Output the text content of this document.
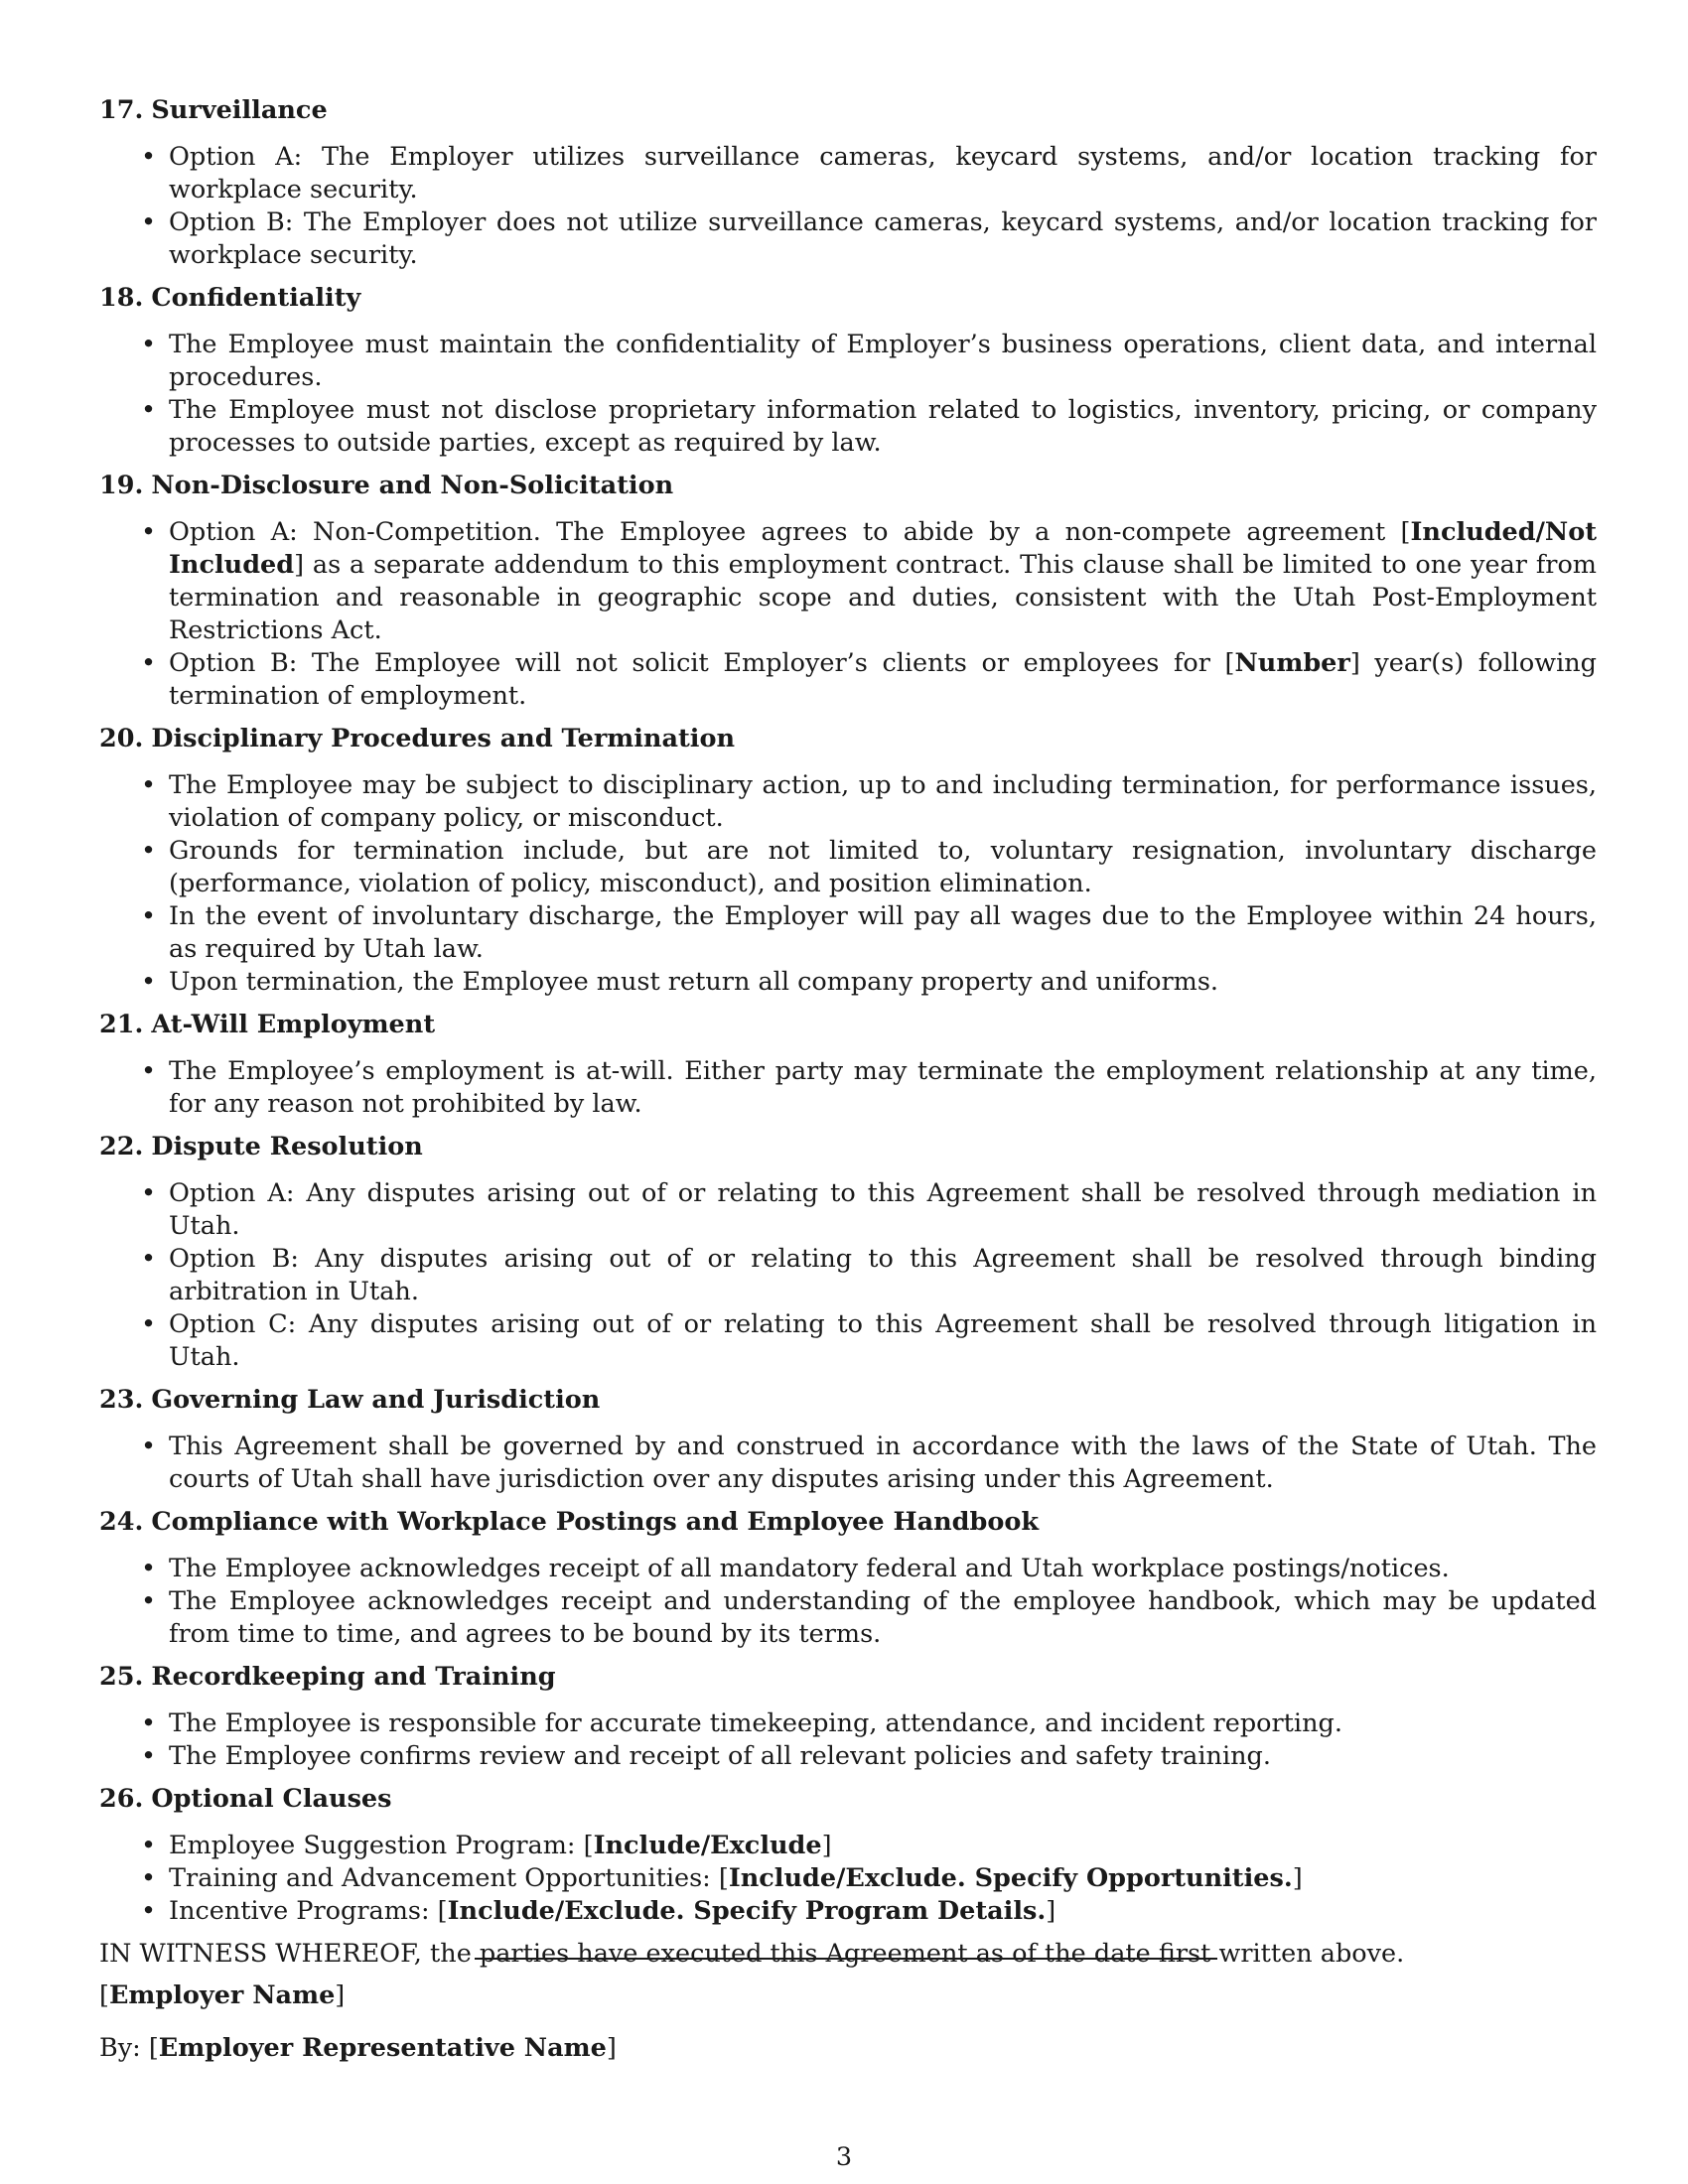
17. Surveillance
• Option A: The Employer utilizes surveillance cameras, keycard systems, and/or location tracking for workplace security.
• Option B: The Employer does not utilize surveillance cameras, keycard systems, and/or location tracking for workplace security.
18. Confidentiality
• The Employee must maintain the confidentiality of Employer’s business operations, client data, and internal procedures.
• The Employee must not disclose proprietary information related to logistics, inventory, pricing, or company processes to outside parties, except as required by law.
19. Non-Disclosure and Non-Solicitation
• Option A: Non-Competition. The Employee agrees to abide by a non-compete agreement [Included/Not Included] as a separate addendum to this employment contract. This clause shall be limited to one year from termination and reasonable in geographic scope and duties, consistent with the Utah Post-Employment Restrictions Act.
• Option B: The Employee will not solicit Employer’s clients or employees for [Number] year(s) following termination of employment.
20. Disciplinary Procedures and Termination
• The Employee may be subject to disciplinary action, up to and including termination, for performance issues, violation of company policy, or misconduct.
• Grounds for termination include, but are not limited to, voluntary resignation, involuntary discharge (performance, violation of policy, misconduct), and position elimination.
• In the event of involuntary discharge, the Employer will pay all wages due to the Employee within 24 hours, as required by Utah law.
• Upon termination, the Employee must return all company property and uniforms.
21. At-Will Employment
• The Employee’s employment is at-will. Either party may terminate the employment relationship at any time, for any reason not prohibited by law.
22. Dispute Resolution
• Option A: Any disputes arising out of or relating to this Agreement shall be resolved through mediation in Utah.
• Option B: Any disputes arising out of or relating to this Agreement shall be resolved through binding arbitration in Utah.
• Option C: Any disputes arising out of or relating to this Agreement shall be resolved through litigation in Utah.
23. Governing Law and Jurisdiction
• This Agreement shall be governed by and construed in accordance with the laws of the State of Utah. The courts of Utah shall have jurisdiction over any disputes arising under this Agreement.
24. Compliance with Workplace Postings and Employee Handbook
• The Employee acknowledges receipt of all mandatory federal and Utah workplace postings/notices.
• The Employee acknowledges receipt and understanding of the employee handbook, which may be updated from time to time, and agrees to be bound by its terms.
25. Recordkeeping and Training
• The Employee is responsible for accurate timekeeping, attendance, and incident reporting.
• The Employee confirms review and receipt of all relevant policies and safety training.
26. Optional Clauses
• Employee Suggestion Program: [Include/Exclude]
• Training and Advancement Opportunities: [Include/Exclude. Specify Opportunities.]
• Incentive Programs: [Include/Exclude. Specify Program Details.]

IN WITNESS WHEREOF, the parties have executed this Agreement as of the date first written above.

[Employer Name]

By: [Employer Representative Name]

3
